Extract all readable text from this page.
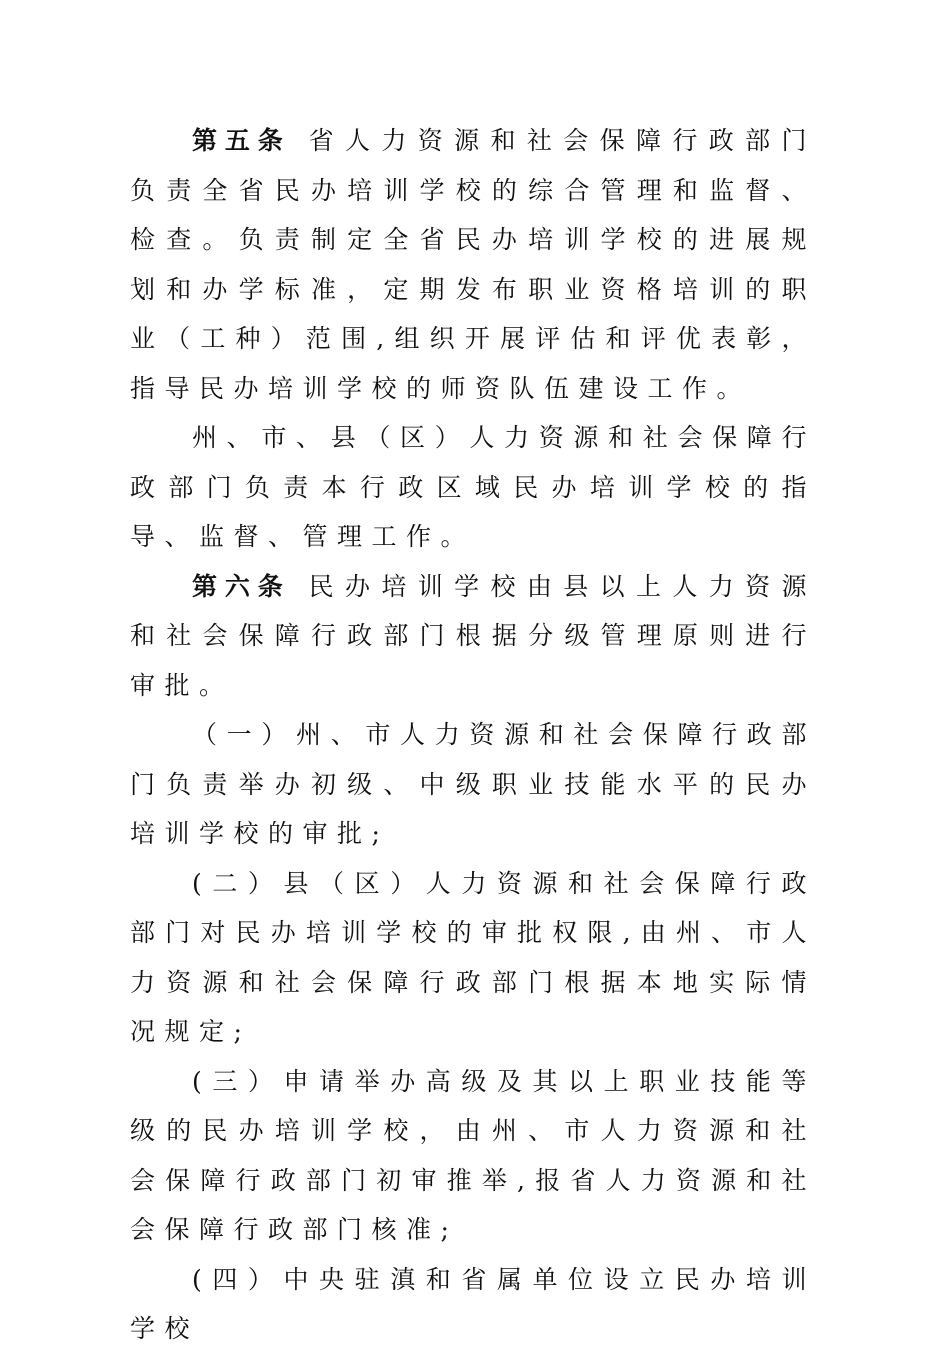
第五条 省人力资源和社会保障行政部门负责全省民办培训学校的综合管理和监督、检查。负责制定全省民办培训学校的进展规划和办学标准，定期发布职业资格培训的职业（工种）范围,组织开展评估和评优表彰，指导民办培训学校的师资队伍建设工作。

州、市、县（区）人力资源和社会保障行政部门负责本行政区域民办培训学校的指导、监督、管理工作。

第六条 民办培训学校由县以上人力资源和社会保障行政部门根据分级管理原则进行审批。

（一）州、市人力资源和社会保障行政部门负责举办初级、中级职业技能水平的民办培训学校的审批;

(二）县（区）人力资源和社会保障行政部门对民办培训学校的审批权限,由州、市人力资源和社会保障行政部门根据本地实际情况规定;

(三）申请举办高级及其以上职业技能等级的民办培训学校，由州、市人力资源和社会保障行政部门初审推举,报省人力资源和社会保障行政部门核准;

(四）中央驻滇和省属单位设立民办培训学校
